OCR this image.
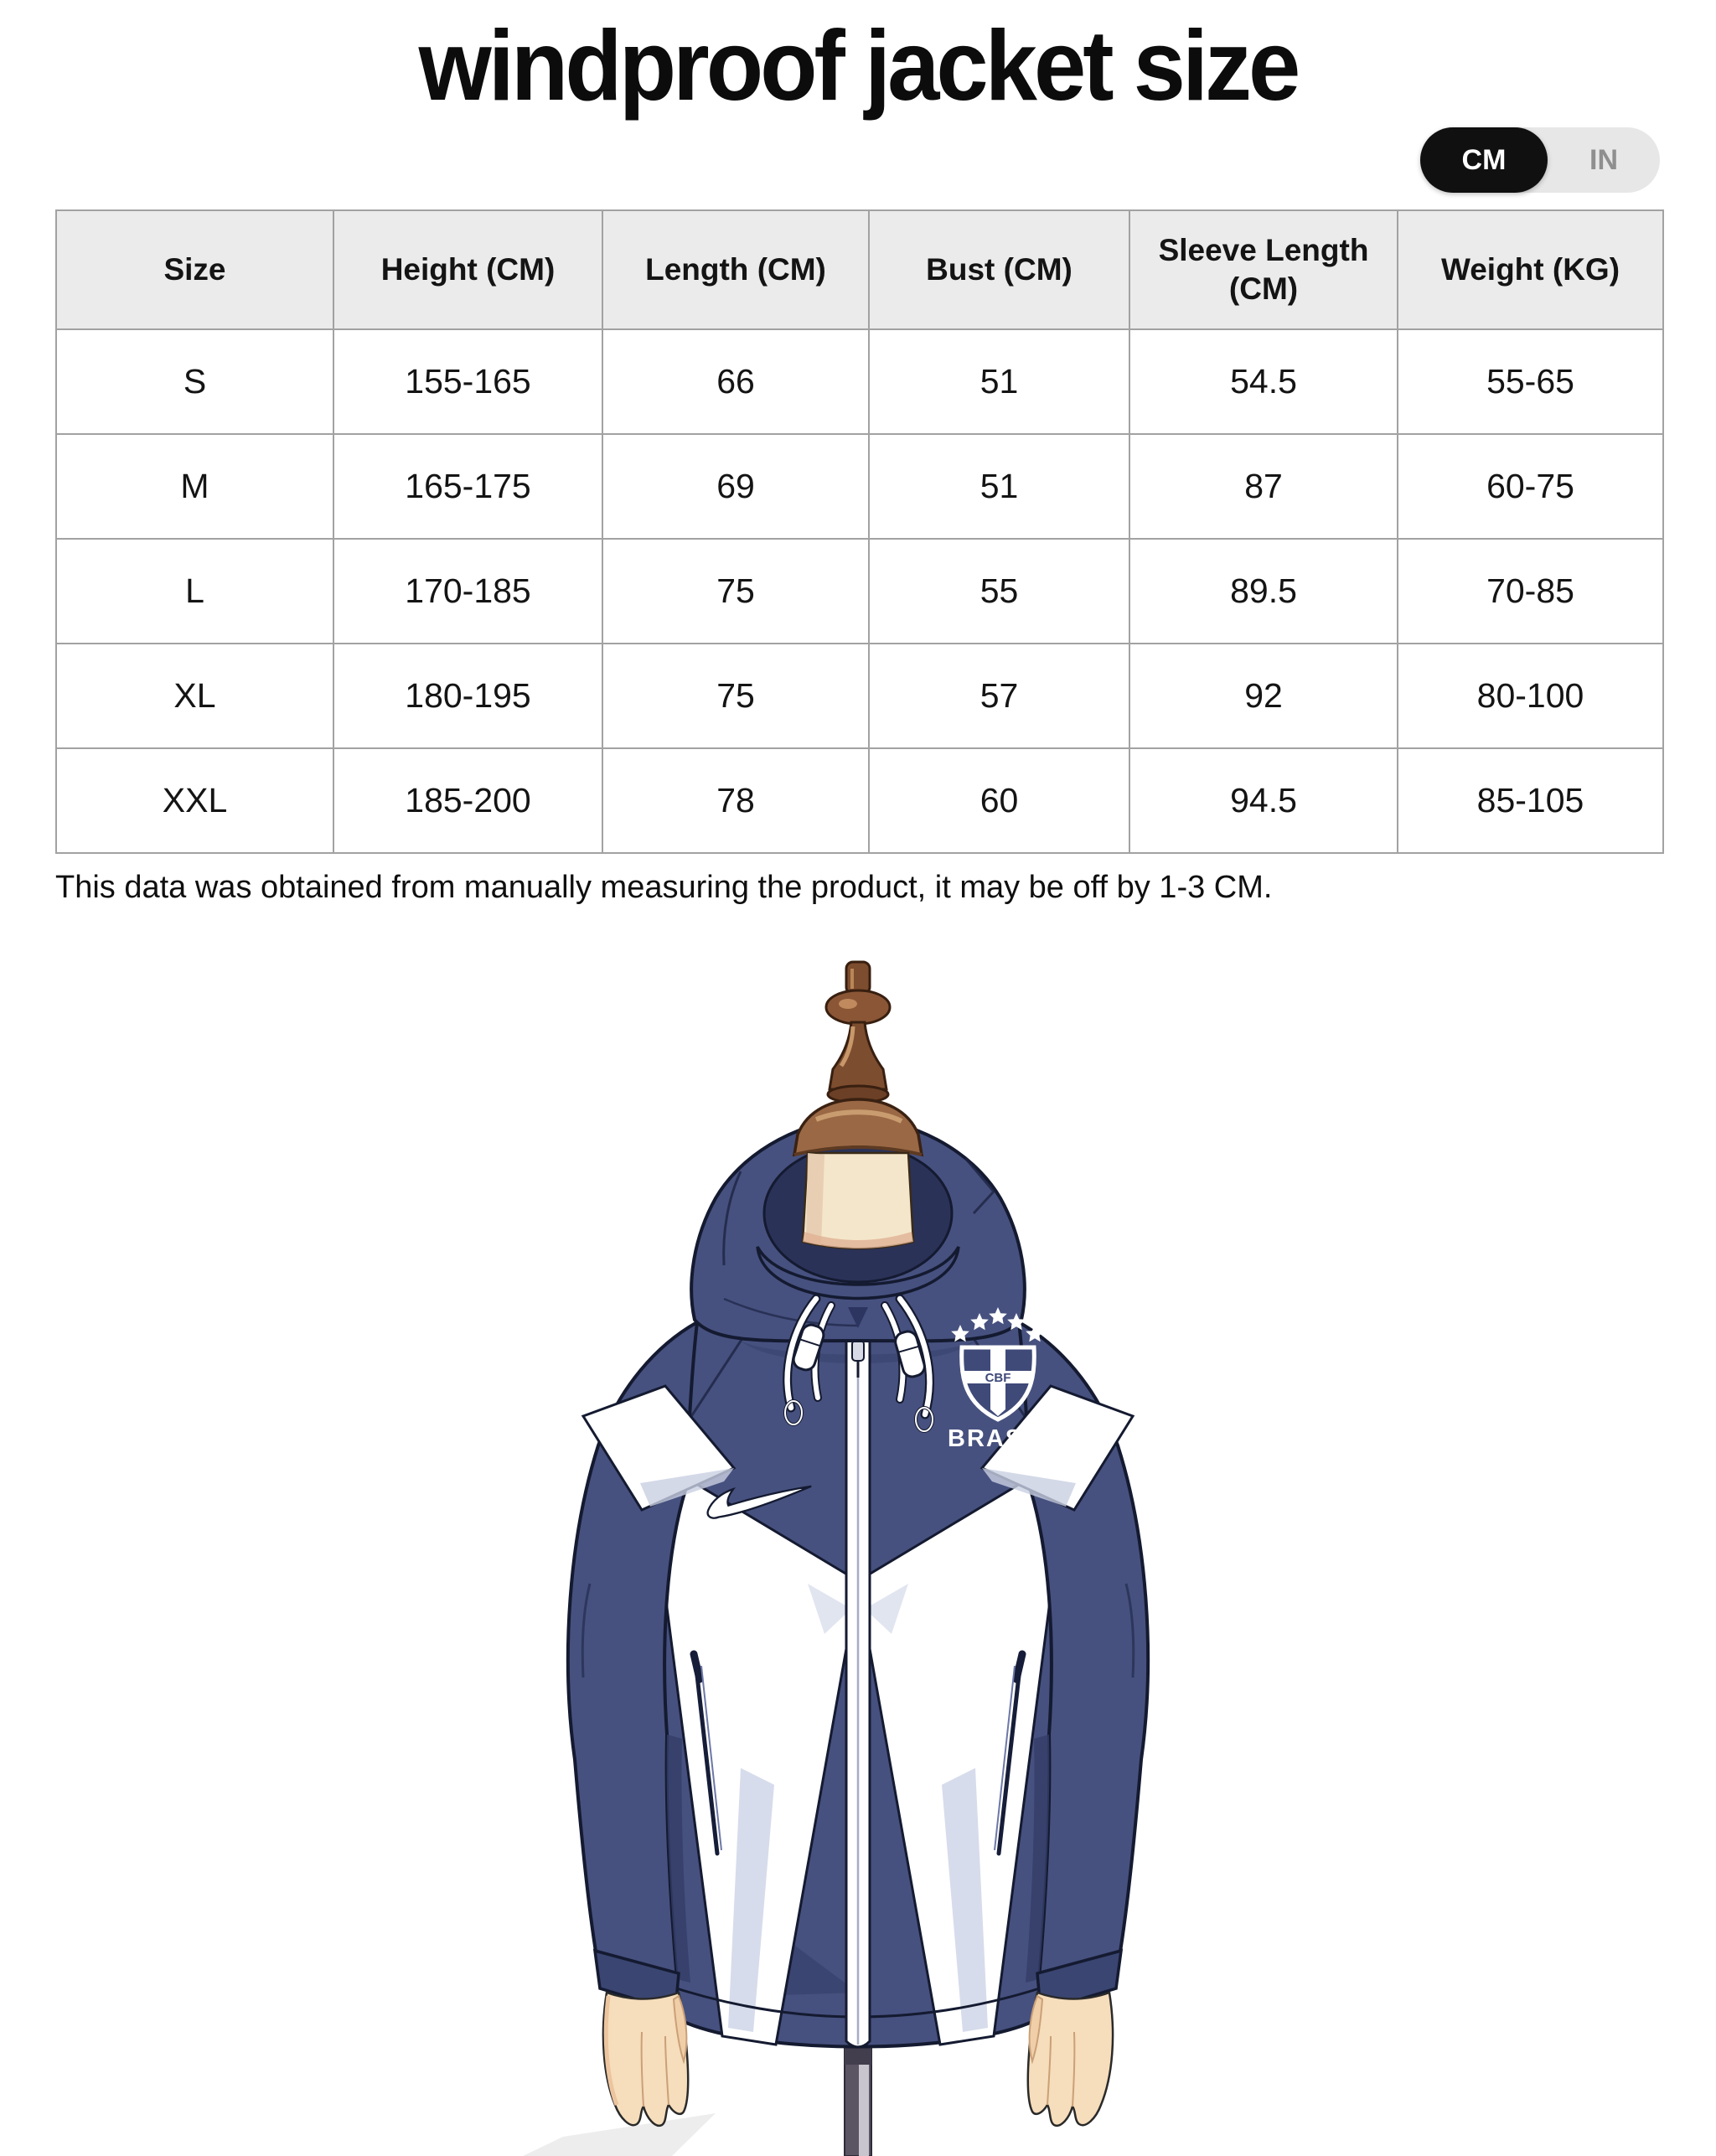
windproof jacket size
CM	IN
Size	Height (CM)	Length (CM)	Bust (CM)	Sleeve Length (CM)	Weight (KG)
S	155-165	66	51	54.5	55-65
M	165-175	69	51	87	60-75
L	170-185	75	55	89.5	70-85
XL	180-195	75	57	92	80-100
XXL	185-200	78	60	94.5	85-105

This data was obtained from manually measuring the product, it may be off by 1-3 CM.

CBF
BRASIL
